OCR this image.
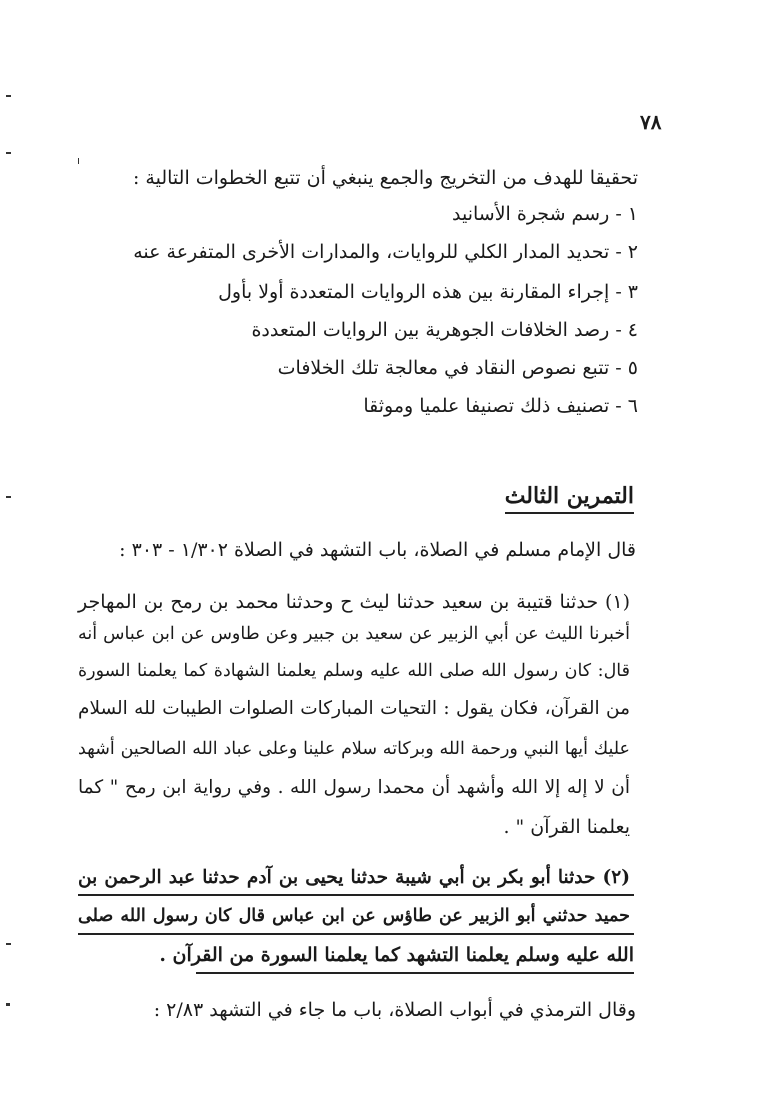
٧٨
تحقيقا للهدف من التخريج والجمع ينبغي أن تتبع الخطوات التالية :
١ - رسم شجرة الأسانيد
٢ - تحديد المدار الكلي للروايات، والمدارات الأخرى المتفرعة عنه
٣ - إجراء المقارنة بين هذه الروايات المتعددة أولا بأول
٤ - رصد الخلافات الجوهرية بين الروايات المتعددة
٥ - تتبع نصوص النقاد في معالجة تلك الخلافات
٦ - تصنيف ذلك تصنيفا علميا وموثقا
التمرين الثالث
قال الإمام مسلم في الصلاة، باب التشهد في الصلاة ١/٣٠٢ - ٣٠٣ :
(١) حدثنا قتيبة بن سعيد حدثنا ليث ح وحدثنا محمد بن رمح بن المهاجر
أخبرنا الليث عن أبي الزبير عن سعيد بن جبير وعن طاوس عن ابن عباس أنه
قال: كان رسول الله صلى الله عليه وسلم يعلمنا الشهادة كما يعلمنا السورة
من القرآن، فكان يقول : التحيات المباركات الصلوات الطيبات لله السلام
عليك أيها النبي ورحمة الله وبركاته سلام علينا وعلى عباد الله الصالحين أشهد
أن لا إله إلا الله وأشهد أن محمدا رسول الله . وفي رواية ابن رمح " كما
يعلمنا القرآن " .
(٢) حدثنا أبو بكر بن أبي شيبة حدثنا يحيى بن آدم حدثنا عبد الرحمن بن
حميد حدثني أبو الزبير عن طاؤس عن ابن عباس قال كان رسول الله صلى
الله عليه وسلم يعلمنا التشهد كما يعلمنا السورة من القرآن .
وقال الترمذي في أبواب الصلاة، باب ما جاء في التشهد ٢/٨٣ :
